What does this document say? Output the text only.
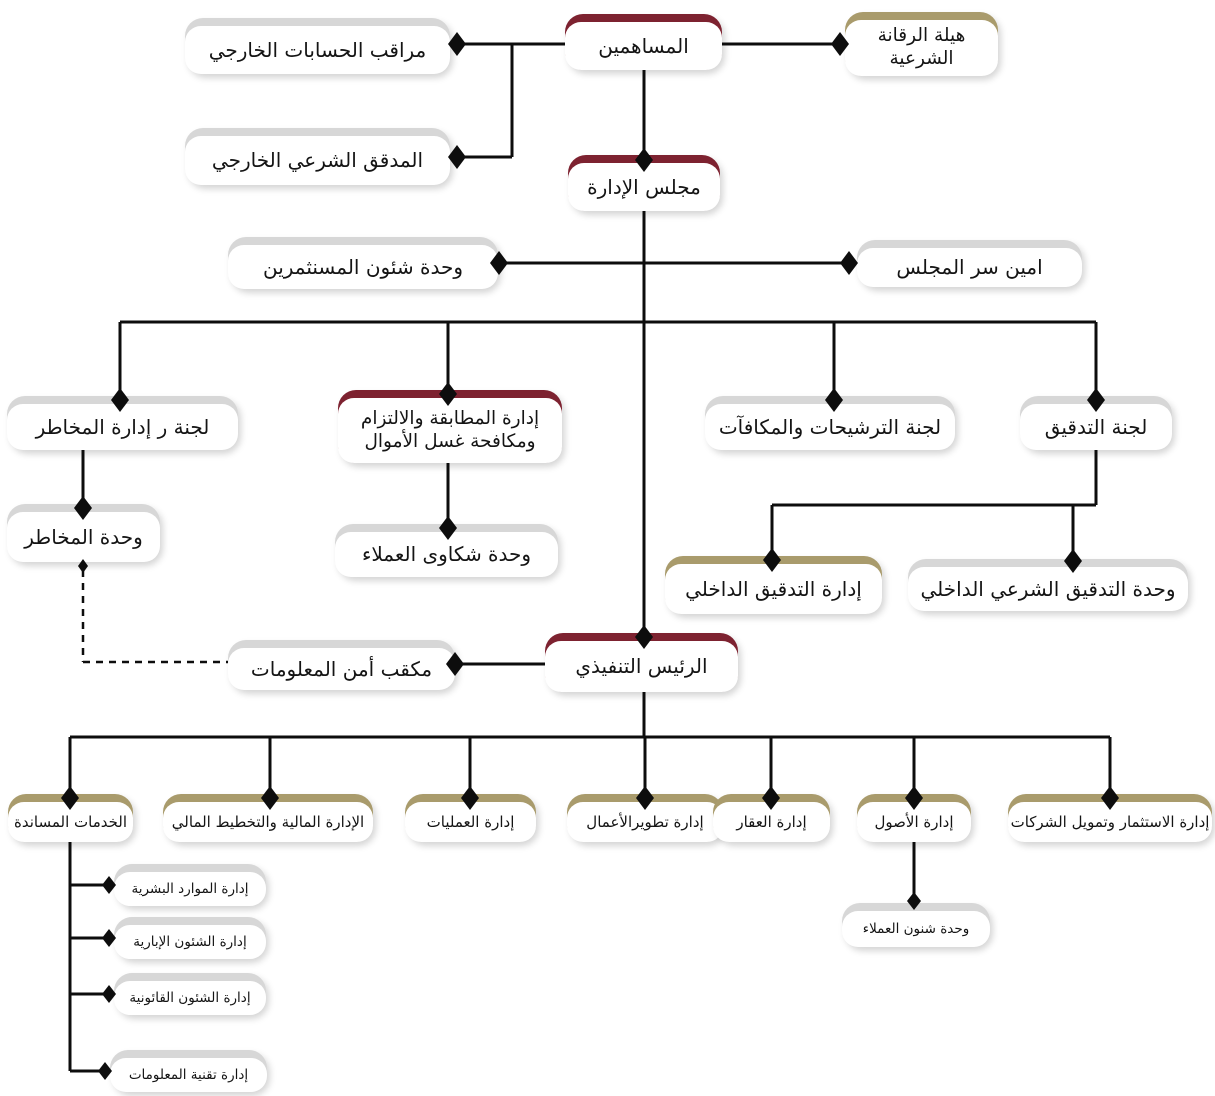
مراقب الحسابات الخارجي	المساهمين	هيلة الرقانة الشرعية
المدقق الشرعي الخارجي
مجلس الإدارة
وحدة شئون المسنثمرين	امين سر المجلس
لجنة ر إدارة المخاطر	إدارة المطابقة والالتزام ومكافحة غسل الأموال
لجنة الترشيحات والمكافآت	لجنة التدقيق
وحدة المخاطر
وحدة شكاوى العملاء
إدارة التدقيق الداخلي	وحدة التدقيق الشرعي الداخلي
الرئيس التنفيذي
مكقب أمن المعلومات
الخدمات المساندة	الإدارة المالية والتخطيط المالي	إدارة العمليات	إدارة تطويرالأعمال إدارة العقار	إدارة الأصول	إدارة الاستثمار وتمويل الشركات
إدارة الموارد البشرية
إدارة الشئون الإبارية
إدارة الشئون القائونية
إدارة تقنية المعلومات
وحدة شنون العملاء
